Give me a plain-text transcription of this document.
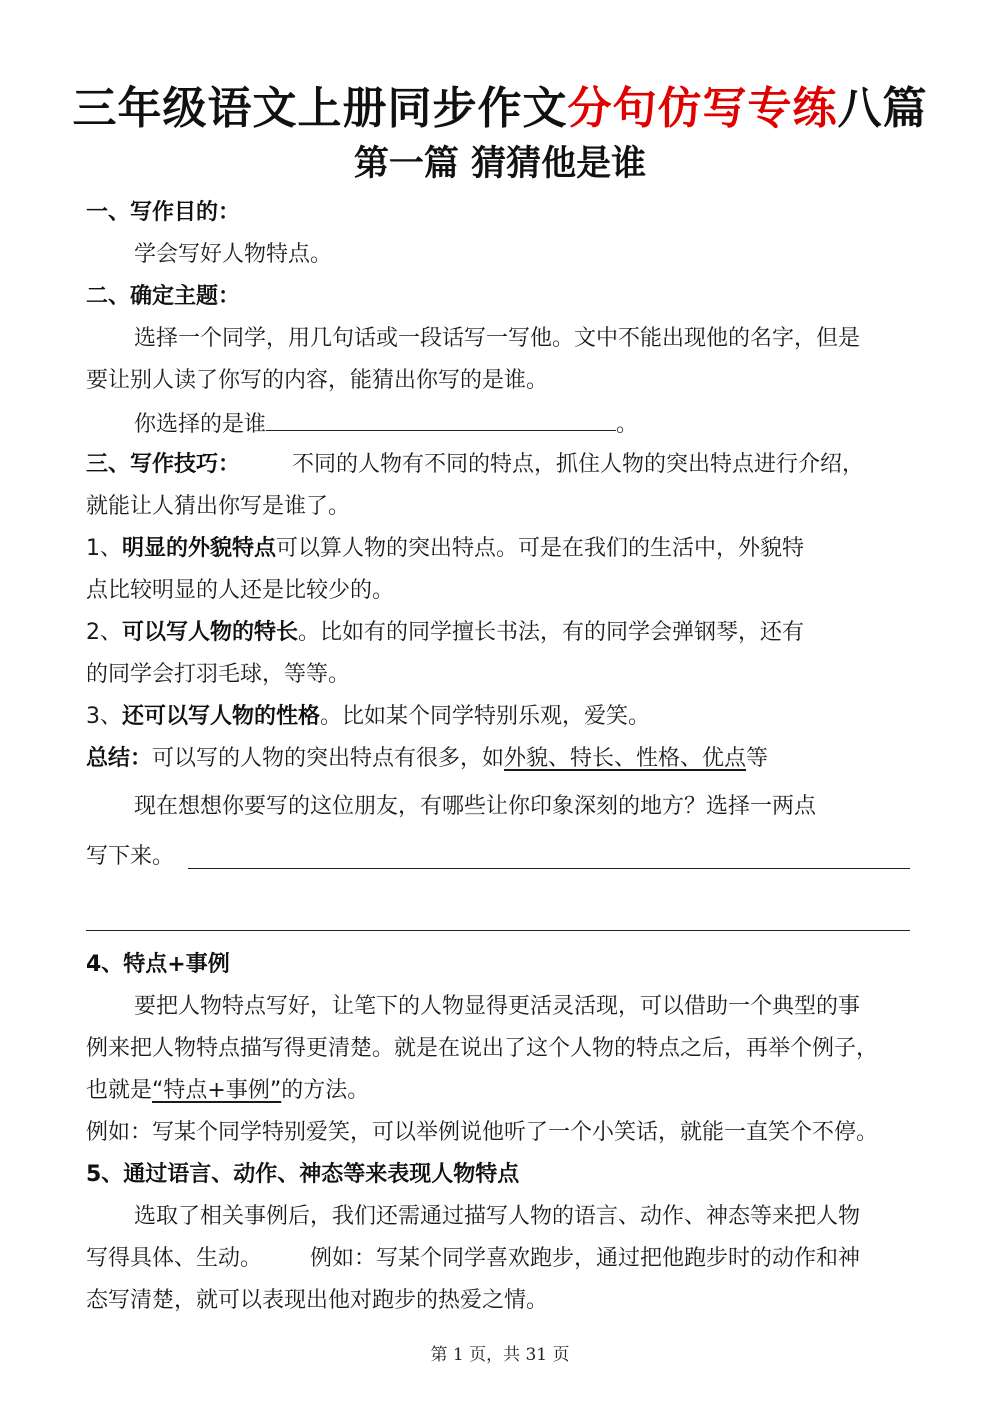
三年级语文上册同步作文分句仿写专练八篇
第一篇 猜猜他是谁
一、写作目的：
学会写好人物特点。
二、确定主题：
选择一个同学，用几句话或一段话写一写他。文中不能出现他的名字，但是
要让别人读了你写的内容，能猜出你写的是谁。
你选择的是谁	。
三、写作技巧： 不同的人物有不同的特点，抓住人物的突出特点进行介绍，
就能让人猜出你写是谁了。
1、明显的外貌特点可以算人物的突出特点。可是在我们的生活中，外貌特
点比较明显的人还是比较少的。
2、可以写人物的特长。比如有的同学擅长书法，有的同学会弹钢琴，还有
的同学会打羽毛球，等等。
3、还可以写人物的性格。比如某个同学特别乐观，爱笑。
总结：可以写的人物的突出特点有很多，如外貌、特长、性格、优点等
现在想想你要写的这位朋友，有哪些让你印象深刻的地方？选择一两点
写下来。
4、特点+事例
要把人物特点写好，让笔下的人物显得更活灵活现，可以借助一个典型的事
例来把人物特点描写得更清楚。就是在说出了这个人物的特点之后，再举个例子，
也就是“特点+事例”的方法。
例如：写某个同学特别爱笑，可以举例说他听了一个小笑话，就能一直笑个不停。
5、通过语言、动作、神态等来表现人物特点
选取了相关事例后，我们还需通过描写人物的语言、动作、神态等来把人物
写得具体、生动。 例如：写某个同学喜欢跑步，通过把他跑步时的动作和神
态写清楚，就可以表现出他对跑步的热爱之情。
第 1 页，共 31 页
